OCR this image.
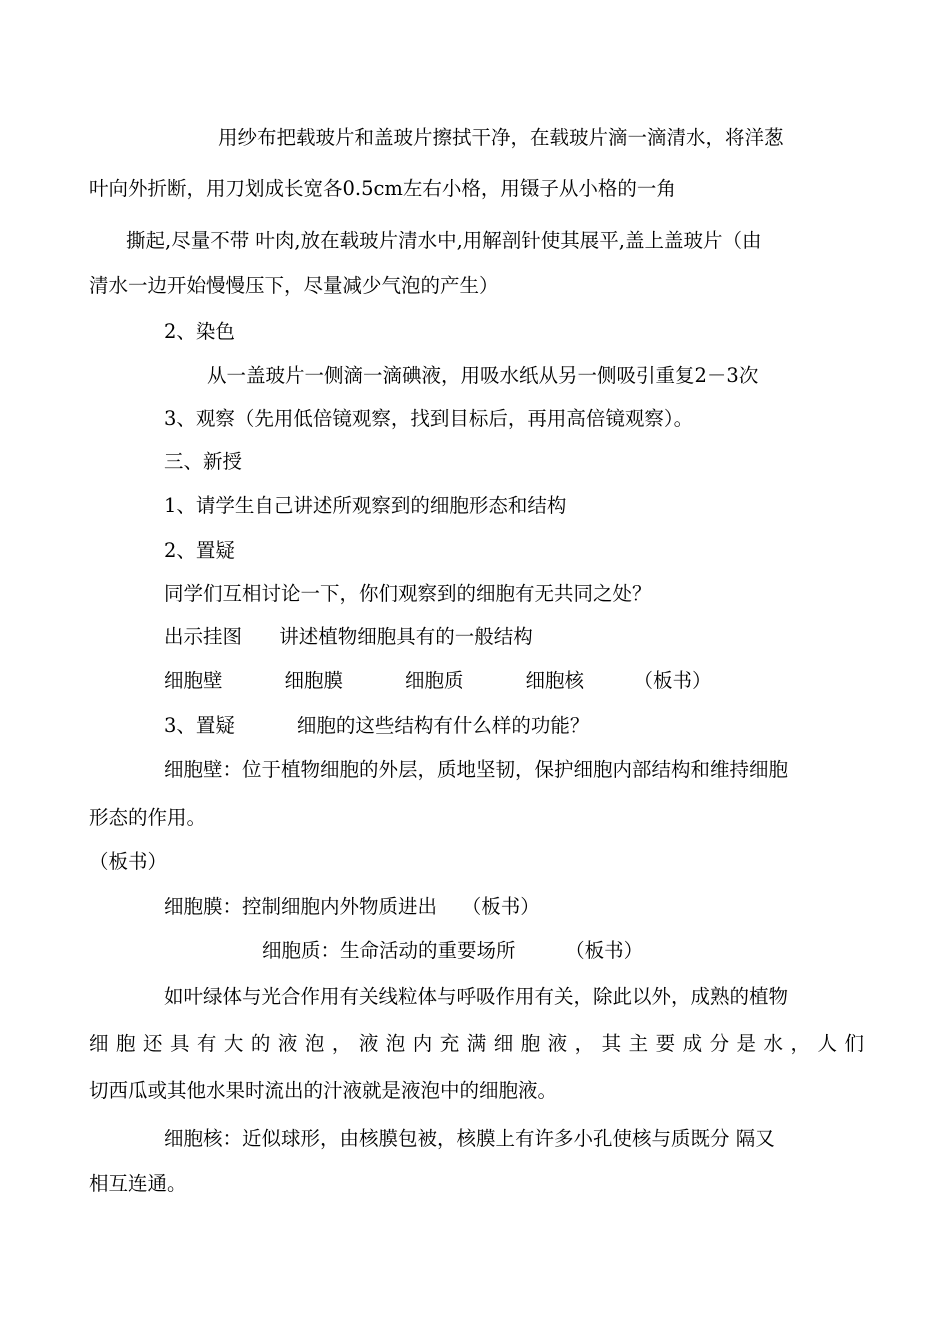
用纱布把载玻片和盖玻片擦拭干净，在载玻片滴一滴清水，将洋葱

叶向外折断，用刀划成长宽各0.5cm左右小格，用镊子从小格的一角

撕起,尽量不带 叶肉,放在载玻片清水中,用解剖针使其展平,盖上盖玻片（由

清水一边开始慢慢压下，尽量减少气泡的产生）

2、染色

从一盖玻片一侧滴一滴碘液，用吸水纸从另一侧吸引重复2－3次

3、观察（先用低倍镜观察，找到目标后，再用高倍镜观察）。

三、新授

1、请学生自己讲述所观察到的细胞形态和结构

2、置疑

同学们互相讨论一下，你们观察到的细胞有无共同之处？

出示挂图      讲述植物细胞具有的一般结构

细胞壁          细胞膜          细胞质          细胞核        （板书）

3、置疑          细胞的这些结构有什么样的功能？

细胞壁：位于植物细胞的外层，质地坚韧，保护细胞内部结构和维持细胞

形态的作用。

（板书）

细胞膜：控制细胞内外物质进出    （板书）

细胞质：生命活动的重要场所        （板书）

如叶绿体与光合作用有关线粒体与呼吸作用有关，除此以外，成熟的植物

细胞还具有大的液泡，液泡内充满细胞液，其主要成分是水，人们

切西瓜或其他水果时流出的汁液就是液泡中的细胞液。

细胞核：近似球形，由核膜包被，核膜上有许多小孔使核与质既分 隔又

相互连通。
